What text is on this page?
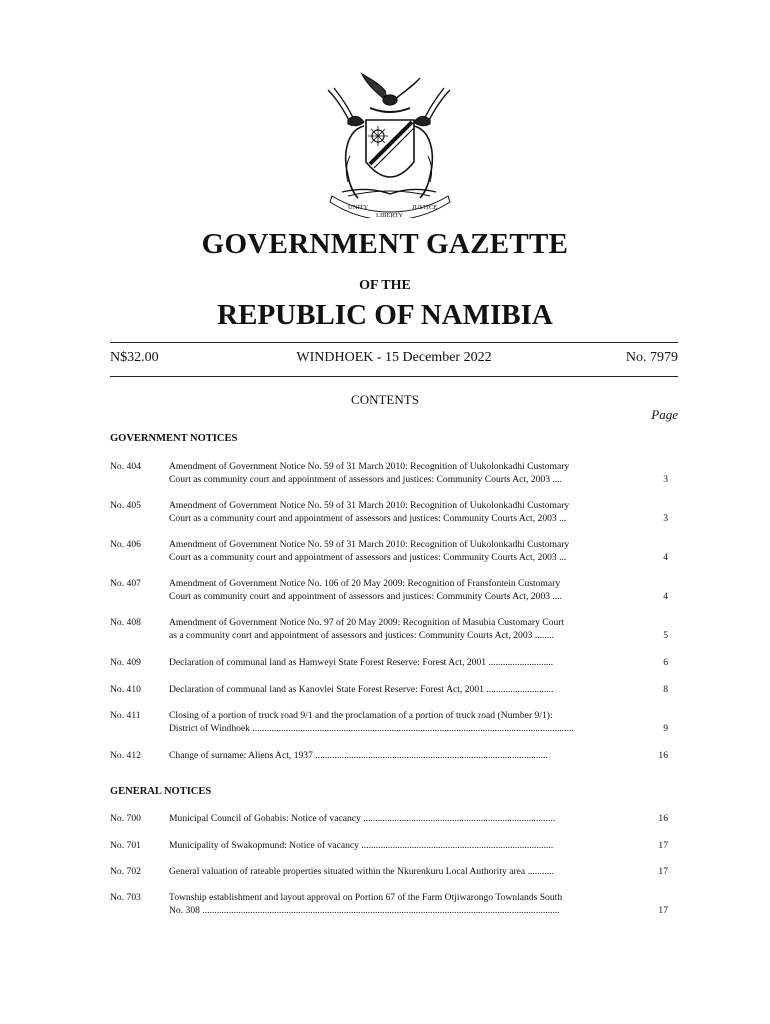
UNITY
LIBERTY
JUSTICE
GOVERNMENT GAZETTE
OF THE
REPUBLIC OF NAMIBIA
N$32.00	WINDHOEK - 15 December 2022	No. 7979
CONTENTS
Page
GOVERNMENT NOTICES
No. 404	Amendment of Government Notice No. 59 of 31 March 2010: Recognition of Uukolonkadhi Customary
Court as community court and appointment of assessors and justices: Community Courts Act, 2003 ....	3
No. 405	Amendment of Government Notice No. 59 of 31 March 2010: Recognition of Uukolonkadhi Customary
Court as a community court and appointment of assessors and justices: Community Courts Act, 2003 ...	3
No. 406	Amendment of Government Notice No. 59 of 31 March 2010: Recognition of Uukolonkadhi Customary
Court as a community court and appointment of assessors and justices: Community Courts Act, 2003 ...	4
No. 407	Amendment of Government Notice No. 106 of 20 May 2009: Recognition of Fransfontein Customary
Court as community court and appointment of assessors and justices: Community Courts Act, 2003 ....	4
No. 408	Amendment of Government Notice No. 97 of 20 May 2009: Recognition of Masubia Customary Court
as a community court and appointment of assessors and justices: Community Courts Act, 2003 ........	5
No. 409	Declaration of communal land as Hamweyi State Forest Reserve: Forest Act, 2001 ...........................	6
No. 410	Declaration of communal land as Kanovlei State Forest Reserve: Forest Act, 2001 ............................	8
No. 411	Closing of a portion of truck road 9/1 and the proclamation of a portion of truck road (Number 9/1):
District of Windhoek ......................................................................................................................................	9
No. 412	Change of surname: Aliens Act, 1937 .................................................................................................	16
GENERAL NOTICES
No. 700	Municipal Council of Gobabis: Notice of vacancy ................................................................................	16
No. 701	Municipality of Swakopmund: Notice of vacancy ................................................................................	17
No. 702	General valuation of rateable properties situated within the Nkurenkuru Local Authority area ...........	17
No. 703	Township establishment and layout approval on Portion 67 of the Farm Otjiwarongo Townlands South
No. 308 .....................................................................................................................................................	17
